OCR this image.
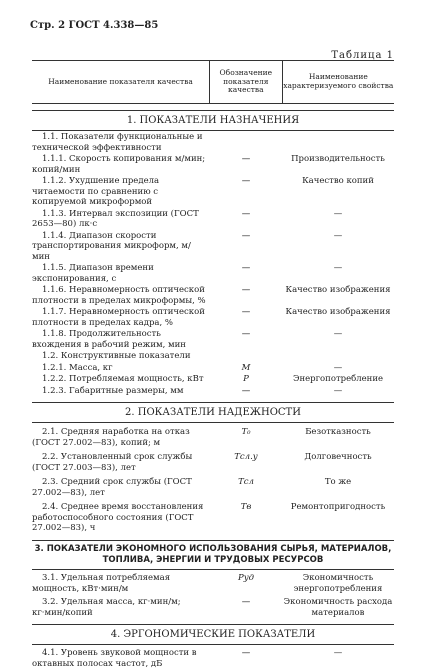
Стр. 2 ГОСТ 4.338—85
Таблица 1
Наименование показателя качества
Обозначение показателя качества
Наименование характеризуемого свойства
1. ПОКАЗАТЕЛИ НАЗНАЧЕНИЯ
1.1. Показатели функциональные и технической эффективности
1.1.1. Скорость копирования м/мин; копий/мин
—	Производительность
1.1.2. Ухудшение предела читаемости по сравнению с копируемой микроформой
—	Качество копий
1.1.3. Интервал экспозиции (ГОСТ 2653—80) лк·с
—	—
1.1.4. Диапазон скорости транспортирования микроформ, м/мин
—	—
1.1.5. Диапазон времени экспонирования, с
—	—
1.1.6. Неравномерность оптической плотности в пределах микроформы, %
—	Качество изображения
1.1.7. Неравномерность оптической плотности в пределах кадра, %
—	Качество изображения
1.1.8. Продолжительность вхождения в рабочий режим, мин
—	—
1.2. Конструктивные показатели
1.2.1. Масса, кг	M	—
1.2.2. Потребляемая мощность, кВт	P	Энергопотребление
1.2.3. Габаритные размеры, мм	—	—
2. ПОКАЗАТЕЛИ НАДЕЖНОСТИ
2.1. Средняя наработка на отказ (ГОСТ 27.002—83), копий; м
T₀	Безотказность
2.2. Установленный срок службы (ГОСТ 27.003—83), лет
Tсл.у	Долговечность
2.3. Средний срок службы (ГОСТ 27.002—83), лет
Tсл	То же
2.4. Среднее время восстановления работоспособного состояния (ГОСТ 27.002—83), ч
Tв	Ремонтопригодность
3. ПОКАЗАТЕЛИ ЭКОНОМНОГО ИСПОЛЬЗОВАНИЯ СЫРЬЯ, МАТЕРИАЛОВ, ТОПЛИВА, ЭНЕРГИИ И ТРУДОВЫХ РЕСУРСОВ
3.1. Удельная потребляемая мощность, кВт·мин/м
Pуд	Экономичность энергопотребления
3.2. Удельная масса, кг·мин/м; кг·мин/копий
—	Экономичность расхода материалов
4. ЭРГОНОМИЧЕСКИЕ ПОКАЗАТЕЛИ
4.1. Уровень звуковой мощности в октавных полосах частот, дБ
—	—
